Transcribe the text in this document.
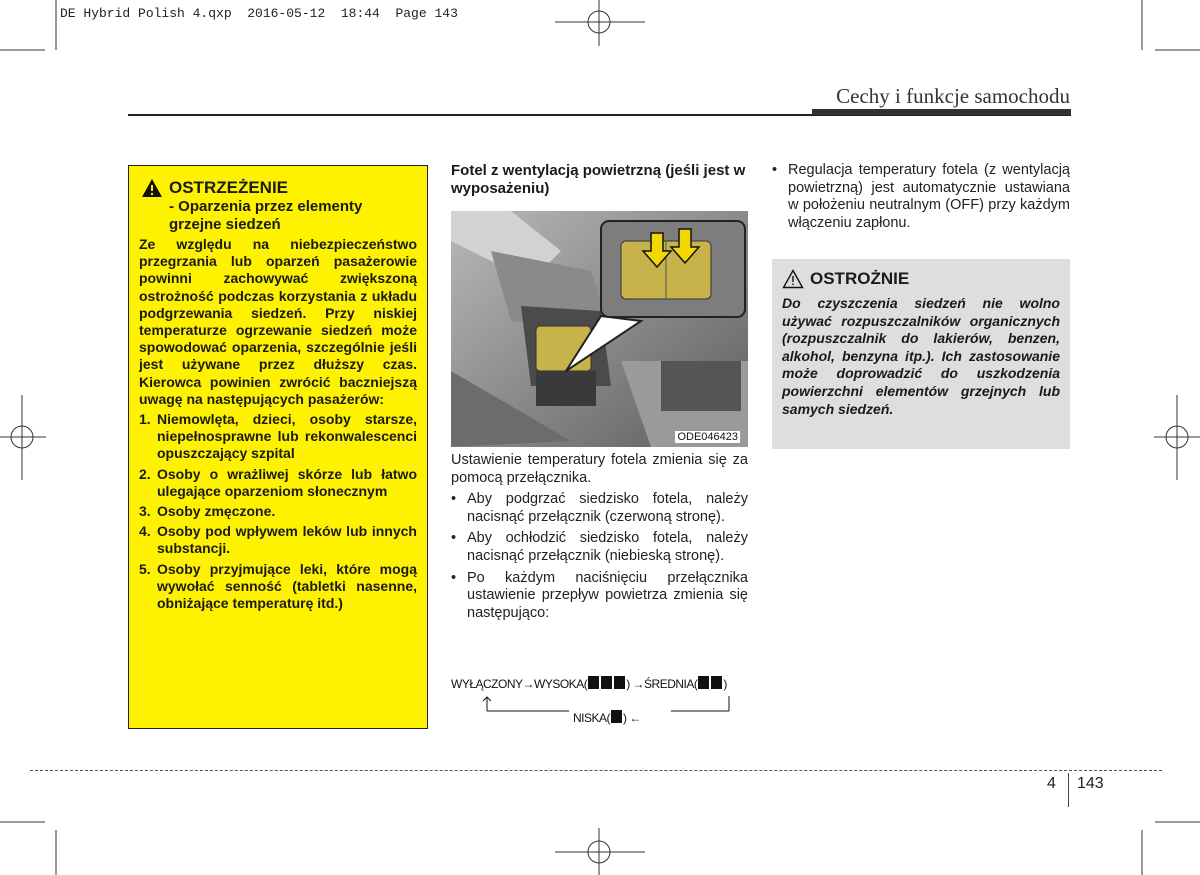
DE Hybrid Polish 4.qxp  2016-05-12  18:44  Page 143
Cechy i funkcje samochodu
OSTRZEŻENIE
- Oparzenia przez elementy grzejne siedzeń
Ze względu na niebezpieczeństwo przegrzania lub oparzeń pasażerowie powinni zachowywać zwiększoną ostrożność podczas korzystania z układu podgrzewania siedzeń. Przy niskiej temperaturze ogrzewanie siedzeń może spowodować oparzenia, szczególnie jeśli jest używane przez dłuższy czas. Kierowca powinien zwrócić baczniejszą uwagę na następujących pasażerów:
1. Niemowlęta, dzieci, osoby starsze, niepełnosprawne lub rekonwalescenci opuszczający szpital
2. Osoby o wrażliwej skórze lub łatwo ulegające oparzeniom słonecznym
3. Osoby zmęczone.
4. Osoby pod wpływem leków lub innych substancji.
5. Osoby przyjmujące leki, które mogą wywołać senność (tabletki nasenne, obniżające temperaturę itd.)
Fotel z wentylacją powietrzną (jeśli jest w wyposażeniu)
ODE046423

Ustawienie temperatury fotela zmienia się za pomocą przełącznika.

• Aby podgrzać siedzisko fotela, należy nacisnąć przełącznik (czerwoną stronę).
• Aby ochłodzić siedzisko fotela, należy nacisnąć przełącznik (niebieską stronę).
• Po każdym naciśnięciu przełącznika ustawienie przepływ powietrza zmienia się następująco:
WYŁĄCZONY→WYSOKA(	) →ŚREDNIA( )
NISKA( ) ←
• Regulacja temperatury fotela (z wentylacją powietrzną) jest automatycznie ustawiana w położeniu neutralnym (OFF) przy każdym włączeniu zapłonu.
OSTROŻNIE
Do czyszczenia siedzeń nie wolno używać rozpuszczalników organicznych (rozpuszczalnik do lakierów, benzen, alkohol, benzyna itp.). Ich zastosowanie może doprowadzić do uszkodzenia powierzchni elementów grzejnych lub samych siedzeń.
4 143
